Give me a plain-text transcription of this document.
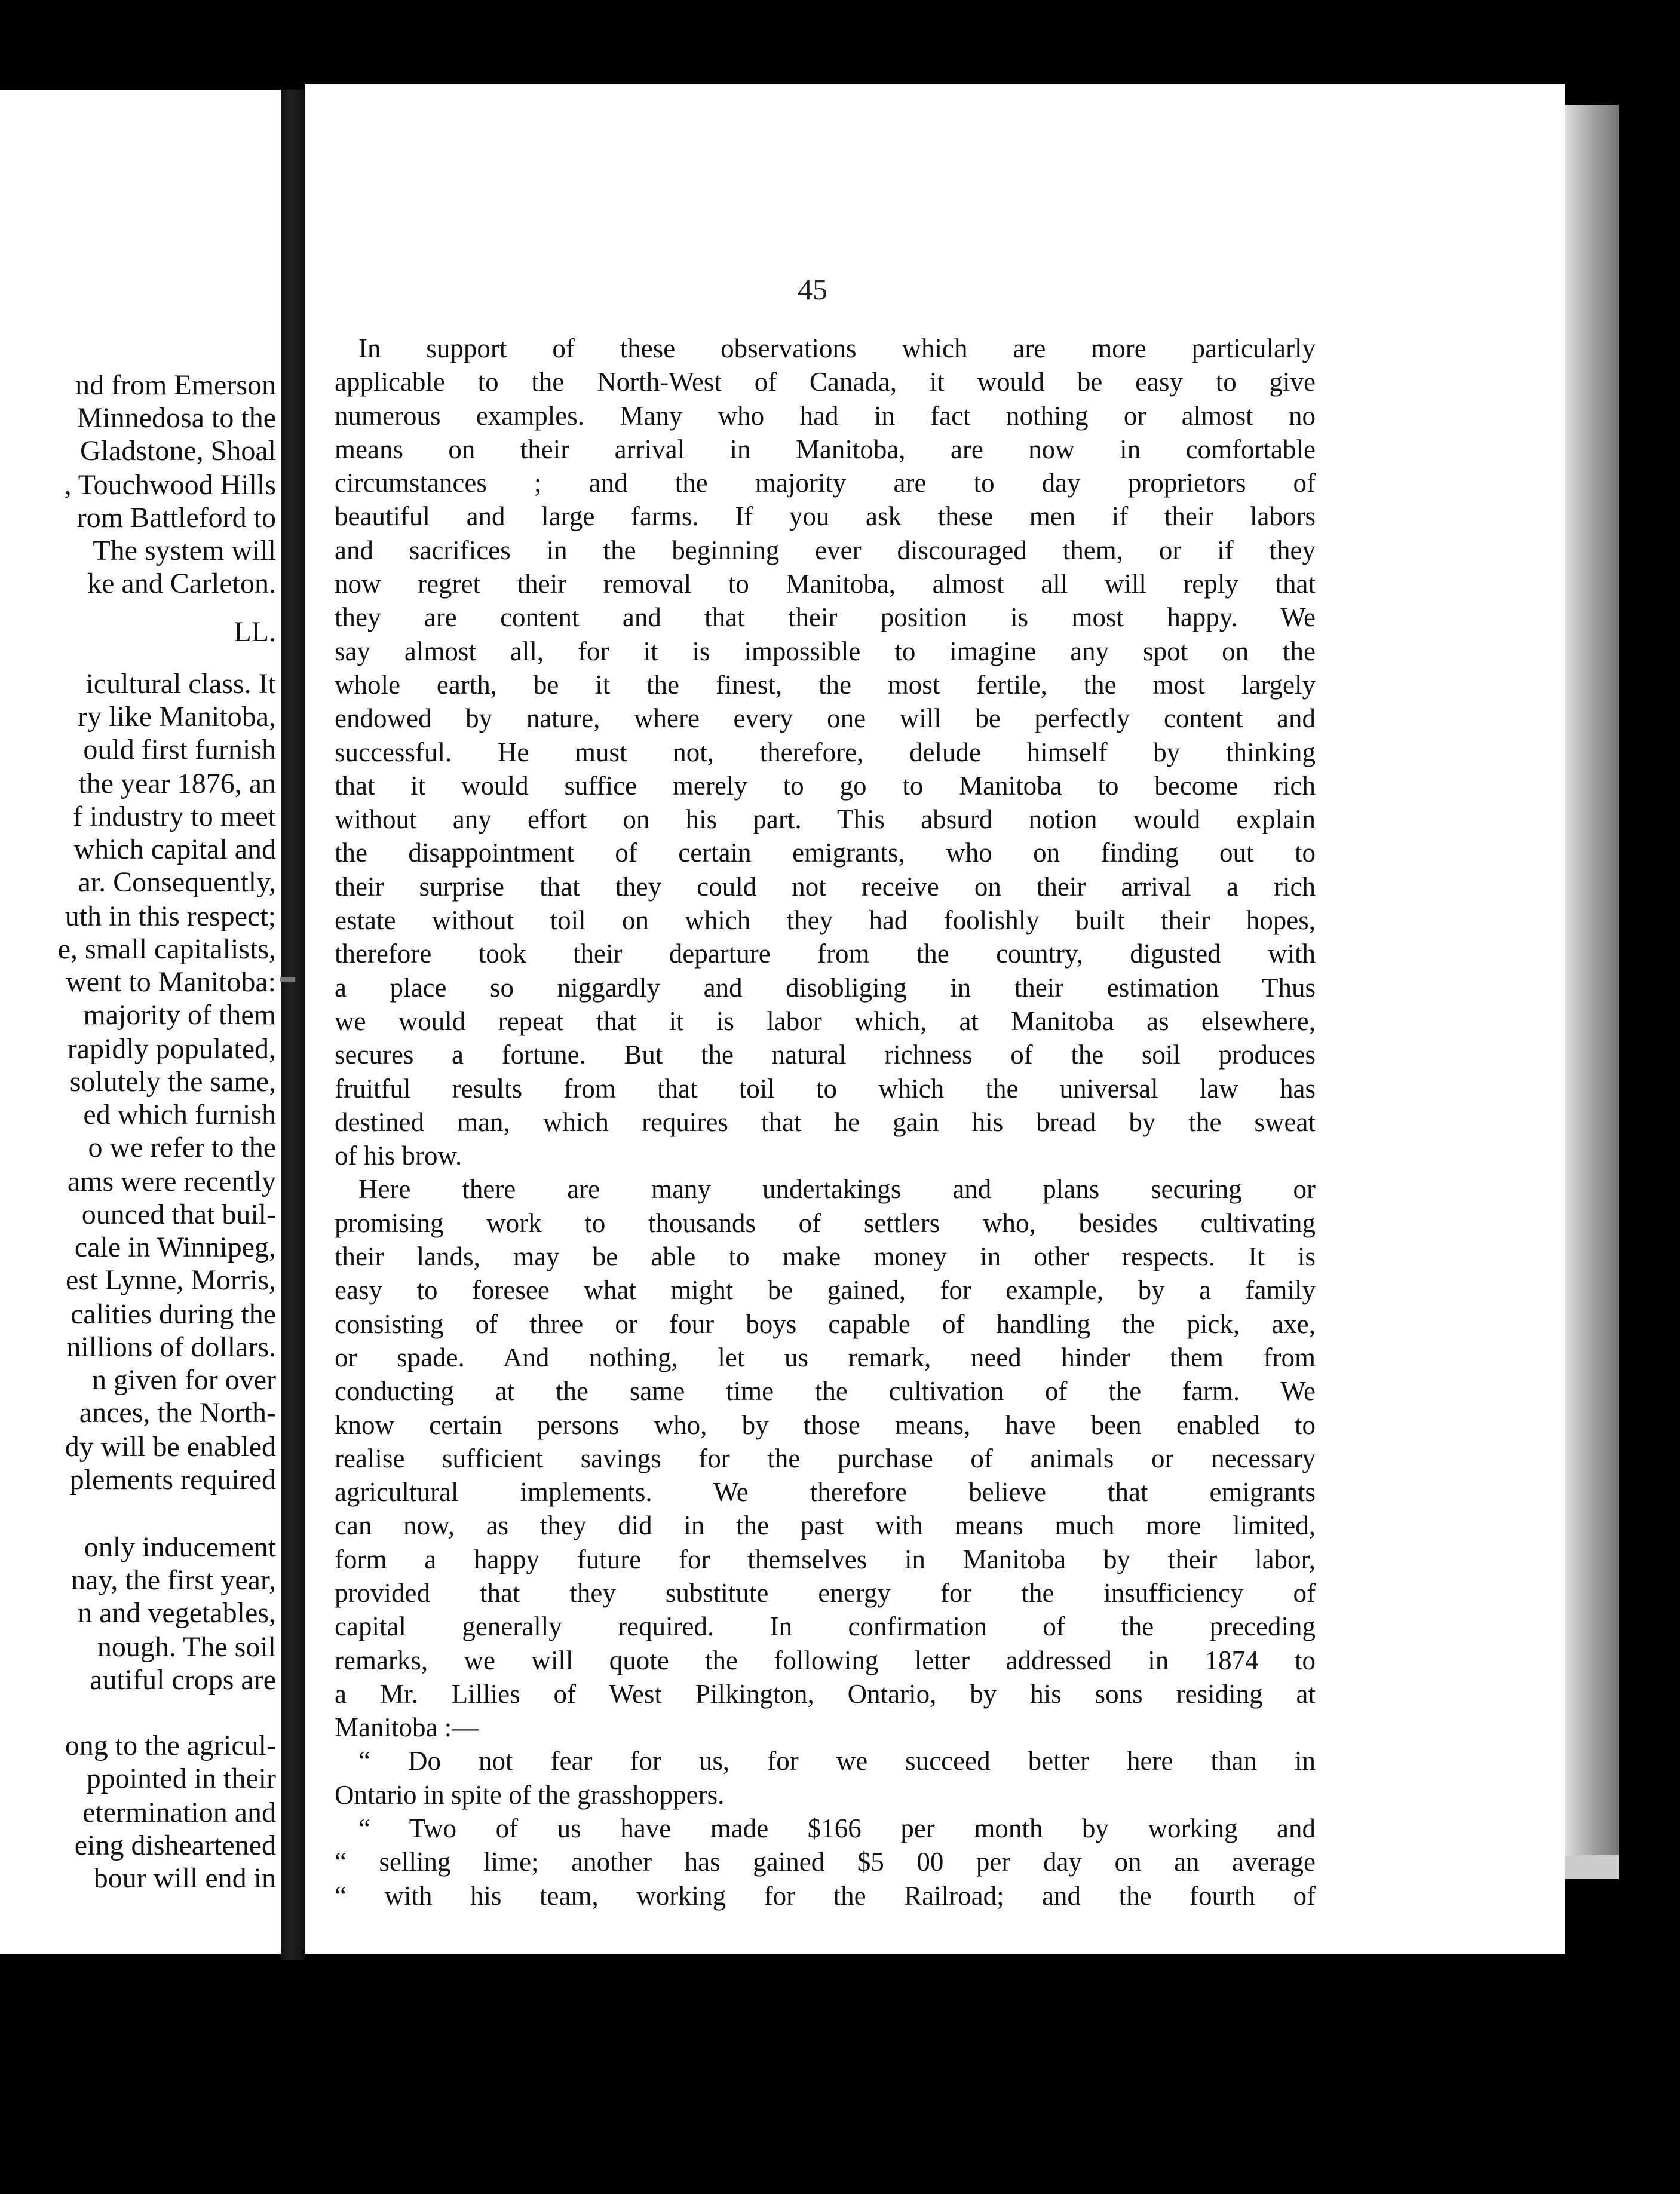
nd from Emerson
Minnedosa to the
Gladstone, Shoal
, Touchwood Hills
rom Battleford to
The system will
ke and Carleton.
LL.
icultural class. It
ry like Manitoba,
ould first furnish
the year 1876, an
f industry to meet
which capital and
ar. Consequently,
uth in this respect;
e, small capitalists,
went to Manitoba:
majority of them
rapidly populated,
solutely the same,
ed which furnish
o we refer to the
ams were recently
ounced that buil-
cale in Winnipeg,
est Lynne, Morris,
calities during the
nillions of dollars.
n given for over
ances, the North-
dy will be enabled
plements required
only inducement
nay, the first year,
n and vegetables,
nough. The soil
autiful crops are
ong to the agricul-
ppointed in their
etermination and
eing disheartened
bour will end in
45
In support of these observations which are more particularly
applicable to the North-West of Canada, it would be easy to give
numerous examples. Many who had in fact nothing or almost no
means on their arrival in Manitoba, are now in comfortable
circumstances ; and the majority are to day proprietors of
beautiful and large farms. If you ask these men if their labors
and sacrifices in the beginning ever discouraged them, or if they
now regret their removal to Manitoba, almost all will reply that
they are content and that their position is most happy. We
say almost all, for it is impossible to imagine any spot on the
whole earth, be it the finest, the most fertile, the most largely
endowed by nature, where every one will be perfectly content and
successful. He must not, therefore, delude himself by thinking
that it would suffice merely to go to Manitoba to become rich
without any effort on his part. This absurd notion would explain
the disappointment of certain emigrants, who on finding out to
their surprise that they could not receive on their arrival a rich
estate without toil on which they had foolishly built their hopes,
therefore took their departure from the country, digusted with
a place so niggardly and disobliging in their estimation Thus
we would repeat that it is labor which, at Manitoba as elsewhere,
secures a fortune. But the natural richness of the soil produces
fruitful results from that toil to which the universal law has
destined man, which requires that he gain his bread by the sweat
of his brow.
Here there are many undertakings and plans securing or
promising work to thousands of settlers who, besides cultivating
their lands, may be able to make money in other respects. It is
easy to foresee what might be gained, for example, by a family
consisting of three or four boys capable of handling the pick, axe,
or spade. And nothing, let us remark, need hinder them from
conducting at the same time the cultivation of the farm. We
know certain persons who, by those means, have been enabled to
realise sufficient savings for the purchase of animals or necessary
agricultural implements. We therefore believe that emigrants
can now, as they did in the past with means much more limited,
form a happy future for themselves in Manitoba by their labor,
provided that they substitute energy for the insufficiency of
capital generally required. In confirmation of the preceding
remarks, we will quote the following letter addressed in 1874 to
a Mr. Lillies of West Pilkington, Ontario, by his sons residing at
Manitoba :—
“ Do not fear for us, for we succeed better here than in
Ontario in spite of the grasshoppers.
“ Two of us have made $166 per month by working and
“ selling lime; another has gained $5 00 per day on an average
“ with his team, working for the Railroad; and the fourth of
